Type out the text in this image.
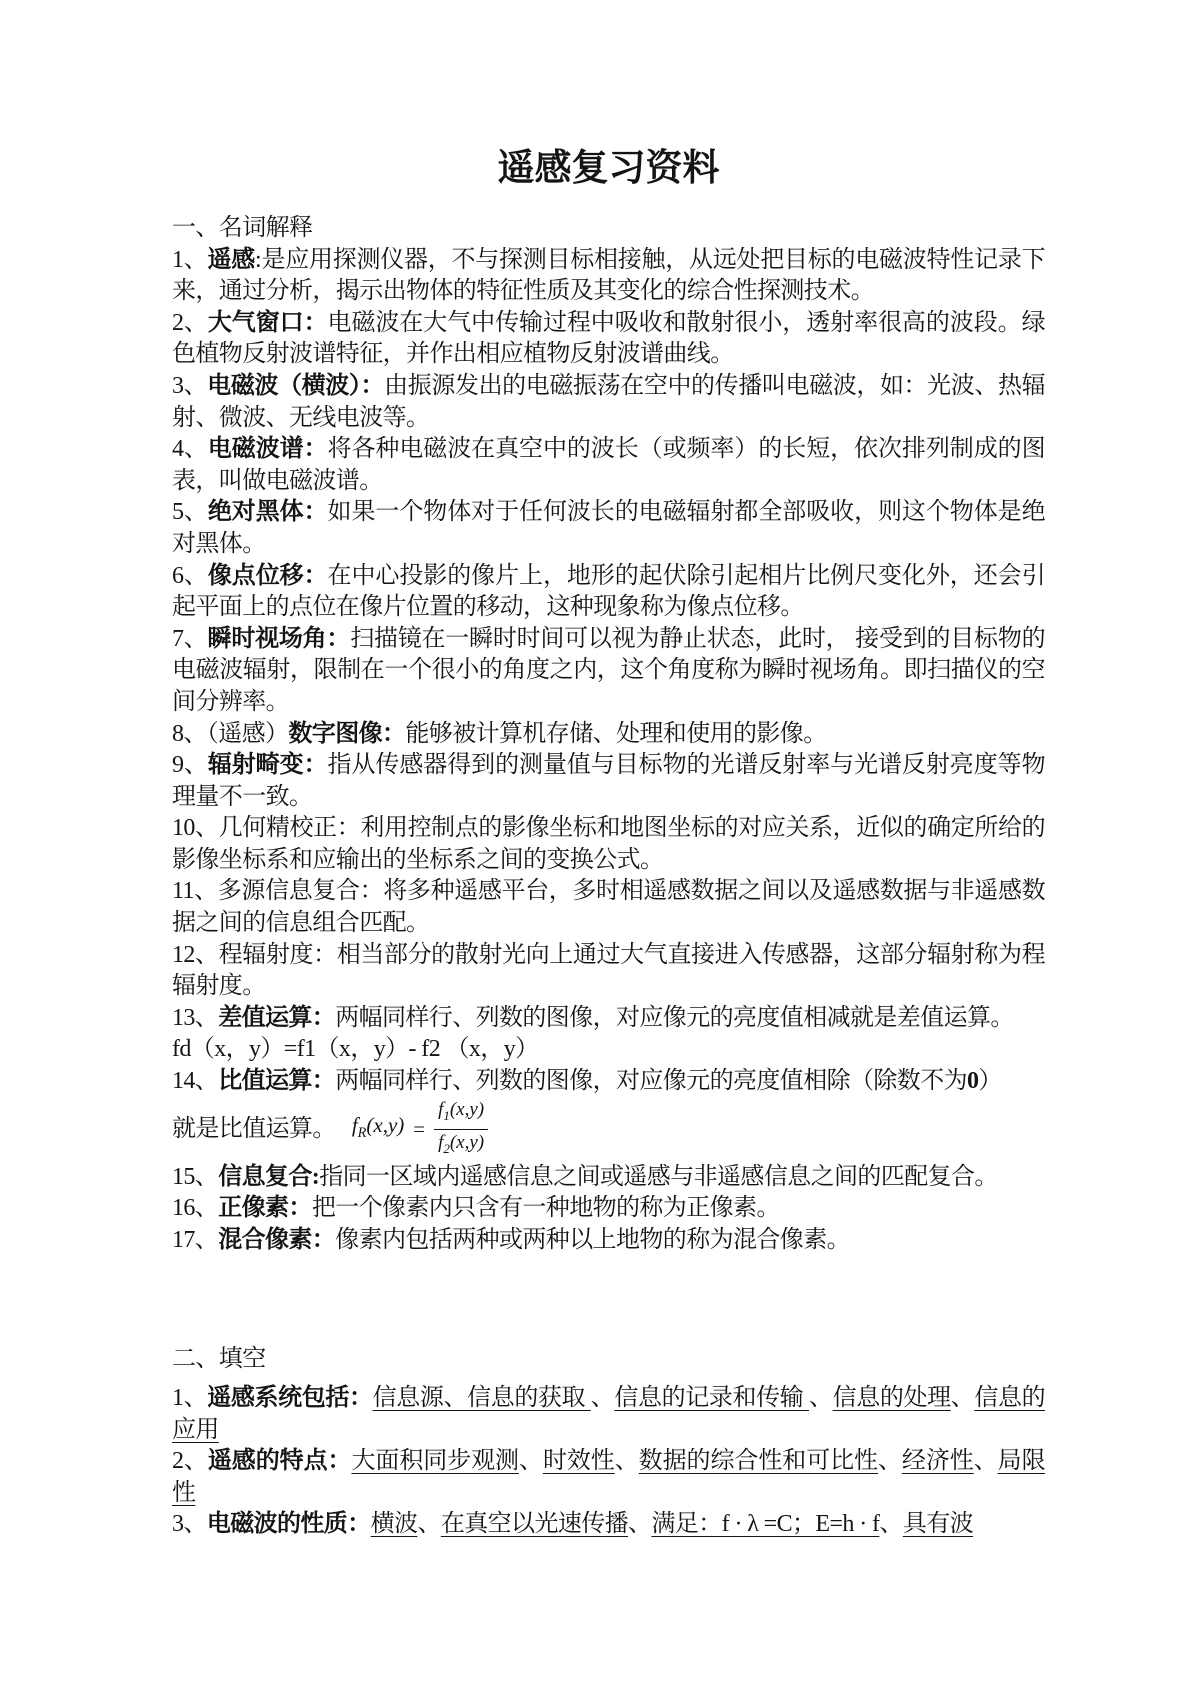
遥感复习资料

一、名词解释

1、遥感:是应用探测仪器，不与探测目标相接触，从远处把目标的电磁波特性记录下来，通过分析，揭示出物体的特征性质及其变化的综合性探测技术。

2、大气窗口：电磁波在大气中传输过程中吸收和散射很小，透射率很高的波段。绿色植物反射波谱特征，并作出相应植物反射波谱曲线。

3、电磁波（横波）：由振源发出的电磁振荡在空中的传播叫电磁波，如：光波、热辐射、微波、无线电波等。

4、电磁波谱：将各种电磁波在真空中的波长（或频率）的长短，依次排列制成的图表，叫做电磁波谱。

5、绝对黑体：如果一个物体对于任何波长的电磁辐射都全部吸收，则这个物体是绝对黑体。

6、像点位移：在中心投影的像片上，地形的起伏除引起相片比例尺变化外，还会引起平面上的点位在像片位置的移动，这种现象称为像点位移。

7、瞬时视场角：扫描镜在一瞬时时间可以视为静止状态，此时， 接受到的目标物的电磁波辐射，限制在一个很小的角度之内，这个角度称为瞬时视场角。即扫描仪的空间分辨率。

8、（遥感）数字图像：能够被计算机存储、处理和使用的影像。

9、辐射畸变：指从传感器得到的测量值与目标物的光谱反射率与光谱反射亮度等物理量不一致。

10、几何精校正：利用控制点的影像坐标和地图坐标的对应关系，近似的确定所给的影像坐标系和应输出的坐标系之间的变换公式。

11、多源信息复合：将多种遥感平台，多时相遥感数据之间以及遥感数据与非遥感数据之间的信息组合匹配。

12、程辐射度：相当部分的散射光向上通过大气直接进入传感器，这部分辐射称为程辐射度。

13、差值运算：两幅同样行、列数的图像，对应像元的亮度值相减就是差值运算。

fd（x，y）=f1（x，y）- f2 （x，y）

14、比值运算：两幅同样行、列数的图像，对应像元的亮度值相除（除数不为0）

就是比值运算。 $f_R(x,y) = \frac{f_1(x,y)}{f_2(x,y)}$

15、信息复合:指同一区域内遥感信息之间或遥感与非遥感信息之间的匹配复合。

16、正像素：把一个像素内只含有一种地物的称为正像素。

17、混合像素：像素内包括两种或两种以上地物的称为混合像素。

二、填空

1、遥感系统包括：信息源、信息的获取 、信息的记录和传输 、信息的处理、信息的应用

2、遥感的特点：大面积同步观测、时效性、数据的综合性和可比性、经济性、局限性

3、电磁波的性质：横波、在真空以光速传播、满足：f · λ =C；E=h · f、具有波
